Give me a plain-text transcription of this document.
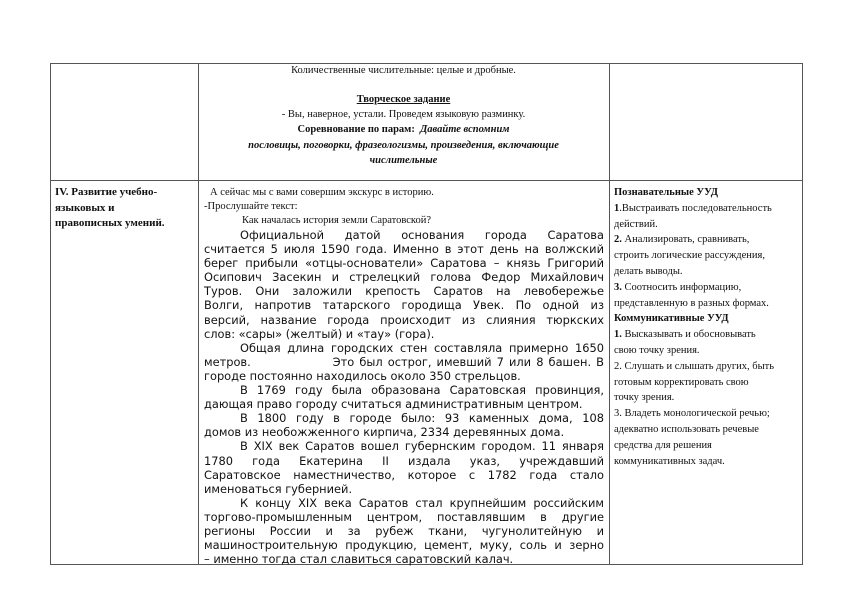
Количественные числительные: целые и дробные.
Творческое задание
- Вы, наверное, устали. Проведем языковую разминку.
Соревнование по парам: Давайте вспомним
пословицы, поговорки, фразеологизмы, произведения, включающие
числительные
IV. Развитие учебно-
языковых и
правописных умений.
А сейчас мы с вами совершим экскурс в историю.
-Прослушайте текст:
Как началась история земли Саратовской?
Официальной датой основания города Саратова
считается 5 июля 1590 года. Именно в этот день на волжский
берег прибыли «отцы-основатели» Саратова – князь Григорий
Осипович Засекин и стрелецкий голова Федор Михайлович
Туров. Они заложили крепость Саратов на левобережье
Волги, напротив татарского городища Увек. По одной из
версий, название города происходит из слияния тюркских
слов: «сары» (желтый) и «тау» (гора).
Общая длина городских стен составляла примерно 1650
метров.                Это был острог, имевший 7 или 8 башен. В
городе постоянно находилось около 350 стрельцов.
В 1769 году была образована Саратовская провинция,
дающая право городу считаться административным центром.
В 1800 году в городе было: 93 каменных дома, 108
домов из необожженного кирпича, 2334 деревянных дома.
В XIX век Саратов вошел губернским городом. 11 января
1780 года Екатерина II издала указ, учреждавший
Саратовское наместничество, которое с 1782 года стало
именоваться губернией.
К концу XIX века Саратов стал крупнейшим российским
торгово-промышленным центром, поставлявшим в другие
регионы России и за рубеж ткани, чугунолитейную и
машиностроительную продукцию, цемент, муку, соль и зерно
– именно тогда стал славиться саратовский калач.
Познавательные УУД
1.Выстраивать последовательность
действий.
2. Анализировать, сравнивать,
строить логические рассуждения,
делать выводы.
3. Соотносить информацию,
представленную в разных формах.
Коммуникативные УУД
1. Высказывать и обосновывать
свою точку зрения.
2. Слушать и слышать других, быть
готовым корректировать свою
точку зрения.
3. Владеть монологической речью;
адекватно использовать речевые
средства для решения
коммуникативных задач.
